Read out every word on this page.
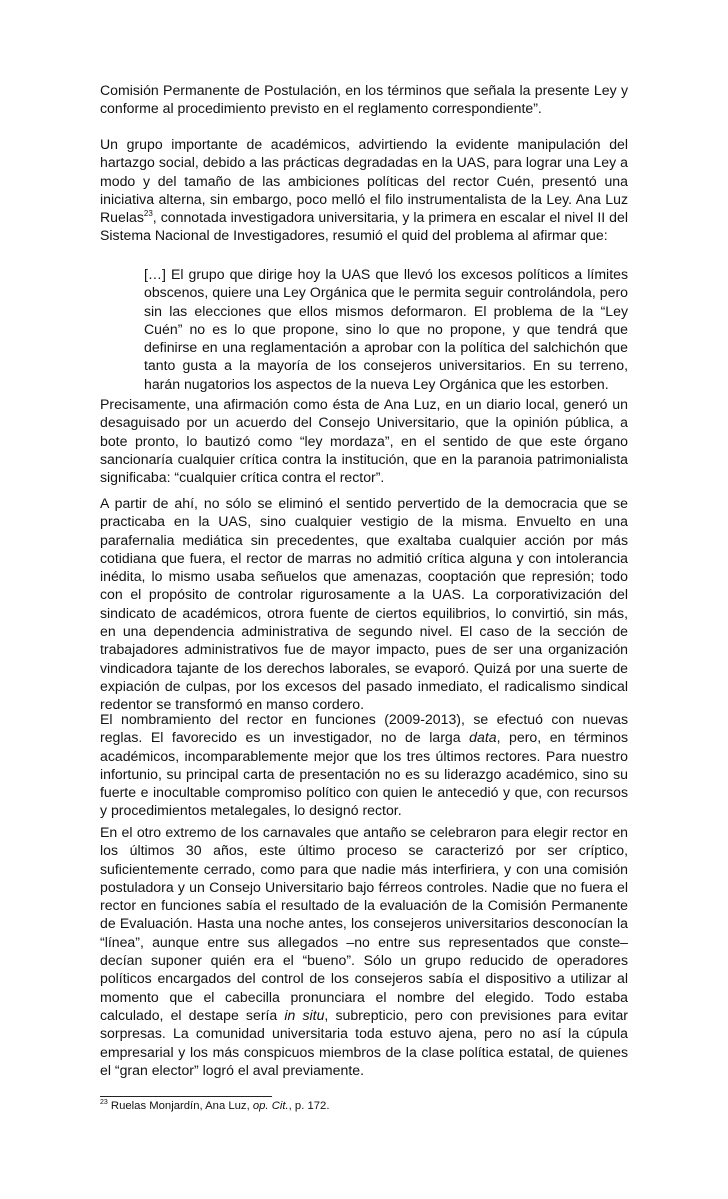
Comisión Permanente de Postulación, en los términos que señala la presente Ley y conforme al procedimiento previsto en el reglamento correspondiente”.

Un grupo importante de académicos, advirtiendo la evidente manipulación del hartazgo social, debido a las prácticas degradadas en la UAS, para lograr una Ley a modo y del tamaño de las ambiciones políticas del rector Cuén, presentó una iniciativa alterna, sin embargo, poco melló el filo instrumentalista de la Ley. Ana Luz Ruelas$^{23}$, connotada investigadora universitaria, y la primera en escalar el nivel II del Sistema Nacional de Investigadores, resumió el quid del problema al afirmar que:

[…] El grupo que dirige hoy la UAS que llevó los excesos políticos a límites obscenos, quiere una Ley Orgánica que le permita seguir controlándola, pero sin las elecciones que ellos mismos deformaron. El problema de la “Ley Cuén” no es lo que propone, sino lo que no propone, y que tendrá que definirse en una reglamentación a aprobar con la política del salchichón que tanto gusta a la mayoría de los consejeros universitarios. En su terreno, harán nugatorios los aspectos de la nueva Ley Orgánica que les estorben.

Precisamente, una afirmación como ésta de Ana Luz, en un diario local, generó un desaguisado por un acuerdo del Consejo Universitario, que la opinión pública, a bote pronto, lo bautizó como “ley mordaza”, en el sentido de que este órgano sancionaría cualquier crítica contra la institución, que en la paranoia patrimonialista significaba: “cualquier crítica contra el rector”.

A partir de ahí, no sólo se eliminó el sentido pervertido de la democracia que se practicaba en la UAS, sino cualquier vestigio de la misma. Envuelto en una parafernalia mediática sin precedentes, que exaltaba cualquier acción por más cotidiana que fuera, el rector de marras no admitió crítica alguna y con intolerancia inédita, lo mismo usaba señuelos que amenazas, cooptación que represión; todo con el propósito de controlar rigurosamente a la UAS. La corporativización del sindicato de académicos, otrora fuente de ciertos equilibrios, lo convirtió, sin más, en una dependencia administrativa de segundo nivel. El caso de la sección de trabajadores administrativos fue de mayor impacto, pues de ser una organización vindicadora tajante de los derechos laborales, se evaporó. Quizá por una suerte de expiación de culpas, por los excesos del pasado inmediato, el radicalismo sindical redentor se transformó en manso cordero.

El nombramiento del rector en funciones (2009-2013), se efectuó con nuevas reglas. El favorecido es un investigador, no de larga data, pero, en términos académicos, incomparablemente mejor que los tres últimos rectores. Para nuestro infortunio, su principal carta de presentación no es su liderazgo académico, sino su fuerte e inocultable compromiso político con quien le antecedió y que, con recursos y procedimientos metalegales, lo designó rector.

En el otro extremo de los carnavales que antaño se celebraron para elegir rector en los últimos 30 años, este último proceso se caracterizó por ser críptico, suficientemente cerrado, como para que nadie más interfiriera, y con una comisión postuladora y un Consejo Universitario bajo férreos controles. Nadie que no fuera el rector en funciones sabía el resultado de la evaluación de la Comisión Permanente de Evaluación. Hasta una noche antes, los consejeros universitarios desconocían la “línea”, aunque entre sus allegados –no entre sus representados que conste– decían suponer quién era el “bueno”. Sólo un grupo reducido de operadores políticos encargados del control de los consejeros sabía el dispositivo a utilizar al momento que el cabecilla pronunciara el nombre del elegido. Todo estaba calculado, el destape sería in situ, subrepticio, pero con previsiones para evitar sorpresas. La comunidad universitaria toda estuvo ajena, pero no así la cúpula empresarial y los más conspicuos miembros de la clase política estatal, de quienes el “gran elector” logró el aval previamente.

$^{23}$ Ruelas Monjardín, Ana Luz, op. Cit., p. 172.
